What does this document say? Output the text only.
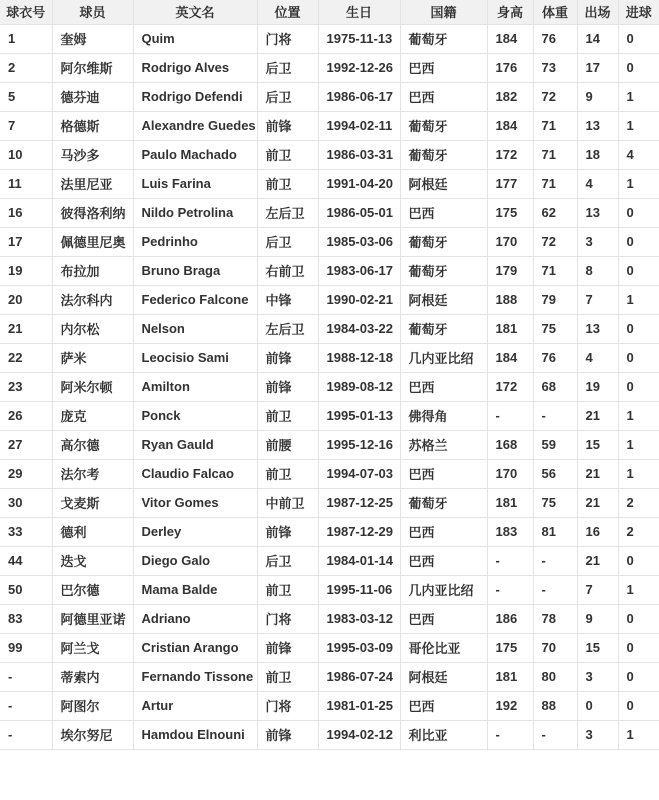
球衣号	球员	英文名	位置	生日	国籍	身高	体重	出场	进球
1	奎姆	Quim	门将	1975-11-13	葡萄牙	184	76	14	0
2	阿尔维斯	Rodrigo Alves	后卫	1992-12-26	巴西	176	73	17	0
5	德芬迪	Rodrigo Defendi	后卫	1986-06-17	巴西	182	72	9	1
7	格德斯	Alexandre Guedes	前锋	1994-02-11	葡萄牙	184	71	13	1
10	马沙多	Paulo Machado	前卫	1986-03-31	葡萄牙	172	71	18	4
11	法里尼亚	Luis Farina	前卫	1991-04-20	阿根廷	177	71	4	1
16	彼得洛利纳	Nildo Petrolina	左后卫	1986-05-01	巴西	175	62	13	0
17	佩德里尼奥	Pedrinho	后卫	1985-03-06	葡萄牙	170	72	3	0
19	布拉加	Bruno Braga	右前卫	1983-06-17	葡萄牙	179	71	8	0
20	法尔科内	Federico Falcone	中锋	1990-02-21	阿根廷	188	79	7	1
21	内尔松	Nelson	左后卫	1984-03-22	葡萄牙	181	75	13	0
22	萨米	Leocisio Sami	前锋	1988-12-18	几内亚比绍	184	76	4	0
23	阿米尔顿	Amilton	前锋	1989-08-12	巴西	172	68	19	0
26	庞克	Ponck	前卫	1995-01-13	佛得角	-	-	21	1
27	高尔德	Ryan Gauld	前腰	1995-12-16	苏格兰	168	59	15	1
29	法尔考	Claudio Falcao	前卫	1994-07-03	巴西	170	56	21	1
30	戈麦斯	Vitor Gomes	中前卫	1987-12-25	葡萄牙	181	75	21	2
33	德利	Derley	前锋	1987-12-29	巴西	183	81	16	2
44	迭戈	Diego Galo	后卫	1984-01-14	巴西	-	-	21	0
50	巴尔德	Mama Balde	前卫	1995-11-06	几内亚比绍	-	-	7	1
83	阿德里亚诺	Adriano	门将	1983-03-12	巴西	186	78	9	0
99	阿兰戈	Cristian Arango	前锋	1995-03-09	哥伦比亚	175	70	15	0
-	蒂索内	Fernando Tissone	前卫	1986-07-24	阿根廷	181	80	3	0
-	阿图尔	Artur	门将	1981-01-25	巴西	192	88	0	0
-	埃尔努尼	Hamdou Elnouni	前锋	1994-02-12	利比亚	-	-	3	1
